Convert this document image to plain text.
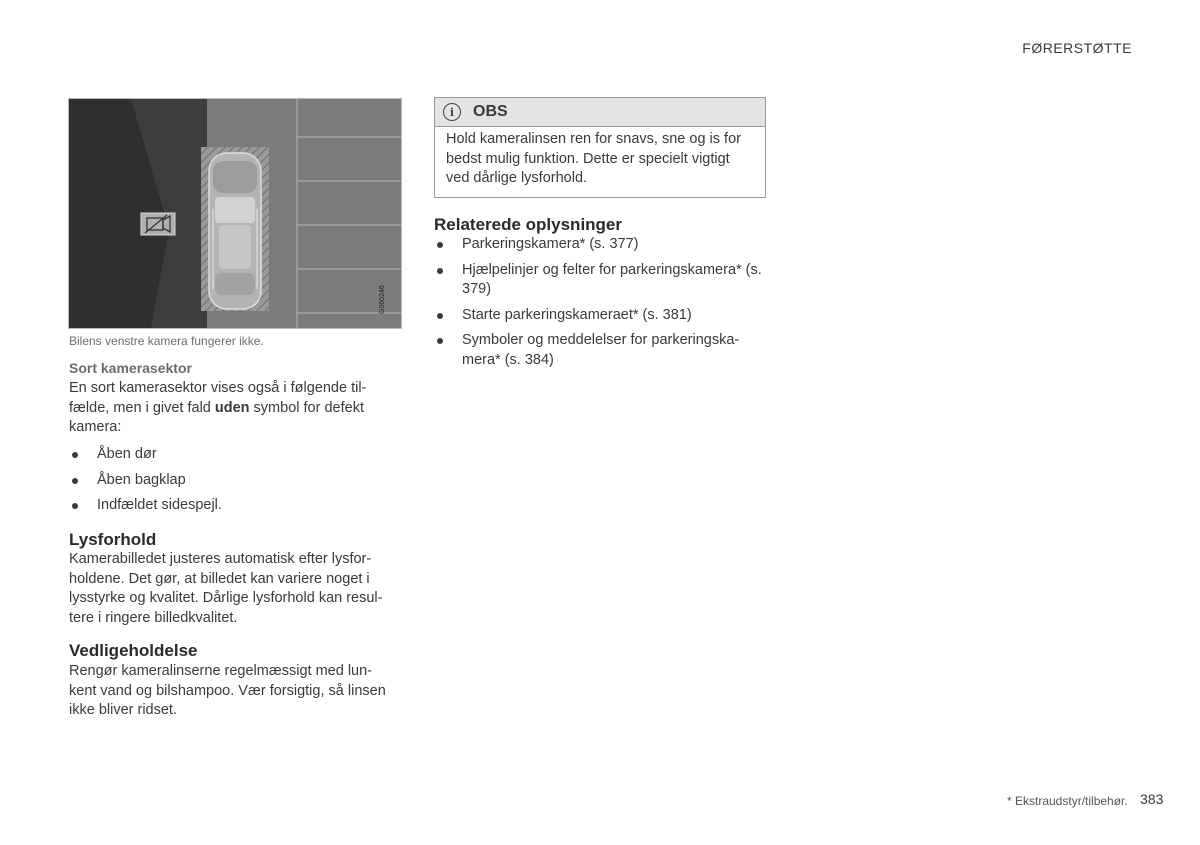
FØRERSTØTTE
G060246
Bilens venstre kamera fungerer ikke.
Sort kamerasektor
En sort kamerasektor vises også i følgende til-fælde, men i givet fald uden symbol for defekt kamera:
Åben dør
Åben bagklap
Indfældet sidespejl.
Lysforhold
Kamerabilledet justeres automatisk efter lysfor-holdene. Det gør, at billedet kan variere noget i lysstyrke og kvalitet. Dårlige lysforhold kan resul-tere i ringere billedkvalitet.
Vedligeholdelse
Rengør kameralinserne regelmæssigt med lun-kent vand og bilshampoo. Vær forsigtig, så linsen ikke bliver ridset.
i	OBS
Hold kameralinsen ren for snavs, sne og is for bedst mulig funktion. Dette er specielt vigtigt ved dårlige lysforhold.
Relaterede oplysninger
Parkeringskamera* (s. 377)
Hjælpelinjer og felter for parkeringskamera* (s. 379)
Starte parkeringskameraet* (s. 381)
Symboler og meddelelser for parkeringska-mera* (s. 384)
* Ekstraudstyr/tilbehør. 383
